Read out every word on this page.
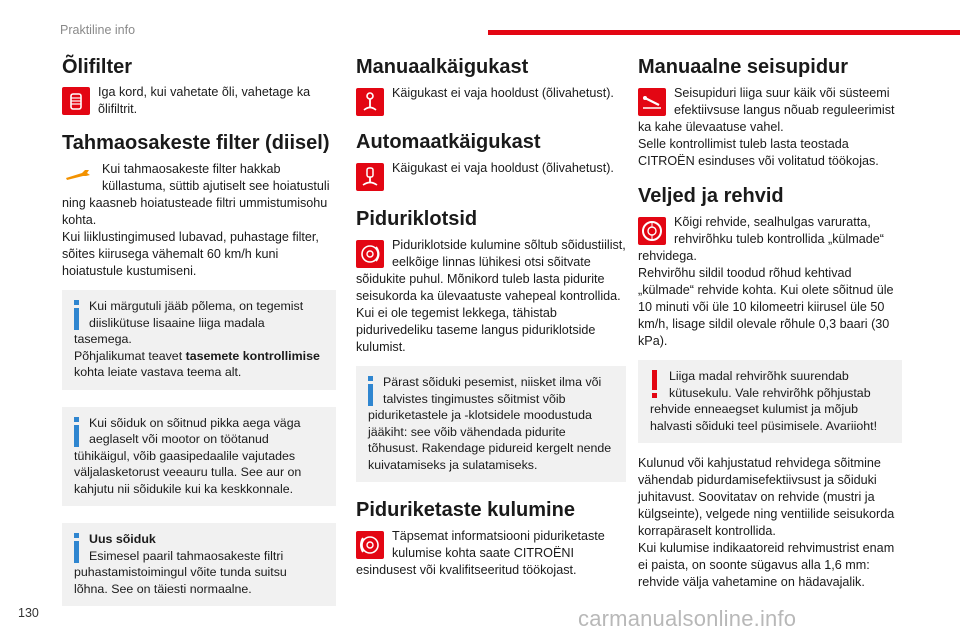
Praktiline info
Õlifilter

Iga kord, kui vahetate õli, vahetage ka õlifiltrit.

Tahmaosakeste filter (diisel)

Kui tahmaosakeste filter hakkab küllastuma, süttib ajutiselt see hoiatustuli ning kaasneb hoiatusteade filtri ummistumisohu kohta.

Kui liiklustingimused lubavad, puhastage filter, sõites kiirusega vähemalt 60 km/h kuni hoiatustule kustumiseni.

Kui märgutuli jääb põlema, on tegemist diislikütuse lisaaine liiga madala tasemega.

Põhjalikumat teavet tasemete kontrollimise kohta leiate vastava teema alt.

Kui sõiduk on sõitnud pikka aega väga aeglaselt või mootor on töötanud tühikäigul, võib gaasipedaalile vajutades väljalasketorust veeauru tulla. See aur on kahjutu nii sõidukile kui ka keskkonnale.

Uus sõiduk

Esimesel paaril tahmaosakeste filtri puhastamistoimingul võite tunda suitsu lõhna. See on täiesti normaalne.

Manuaalkäigukast

Käigukast ei vaja hooldust (õlivahetust).

Automaatkäigukast

Käigukast ei vaja hooldust (õlivahetust).

Piduriklotsid

Piduriklotside kulumine sõltub sõidustiilist, eelkõige linnas lühikesi otsi sõitvate sõidukite puhul. Mõnikord tuleb lasta pidurite seisukorda ka ülevaatuste vahepeal kontrollida.

Kui ei ole tegemist lekkega, tähistab pidurivedeliku taseme langus piduriklotside kulumist.

Pärast sõiduki pesemist, niisket ilma või talvistes tingimustes sõitmist võib piduriketastele ja -klotsidele moodustuda jääkiht: see võib vähendada pidurite tõhusust. Rakendage pidureid kergelt nende kuivatamiseks ja sulatamiseks.

Piduriketaste kulumine

Täpsemat informatsiooni piduriketaste kulumise kohta saate CITROËNI esindusest või kvalifitseeritud töökojast.

Manuaalne seisupidur

Seisupiduri liiga suur käik või süsteemi efektiivsuse langus nõuab reguleerimist ka kahe ülevaatuse vahel.

Selle kontrollimist tuleb lasta teostada CITROËN esinduses või volitatud töökojas.

Veljed ja rehvid

Kõigi rehvide, sealhulgas varuratta, rehvirõhku tuleb kontrollida „külmade“ rehvidega.

Rehvirõhu sildil toodud rõhud kehtivad „külmade“ rehvide kohta. Kui olete sõitnud üle 10 minuti või üle 10 kilomeetri kiirusel üle 50 km/h, lisage sildil olevale rõhule 0,3 baari (30 kPa).

Liiga madal rehvirõhk suurendab kütusekulu. Vale rehvirõhk põhjustab rehvide enneaegset kulumist ja mõjub halvasti sõiduki teel püsimisele. Avariioht!

Kulunud või kahjustatud rehvidega sõitmine vähendab pidurdamisefektiivsust ja sõiduki juhitavust. Soovitatav on rehvide (mustri ja külgseinte), velgede ning ventiilide seisukorda korrapäraselt kontrollida.

Kui kulumise indikaatoreid rehvimustrist enam ei paista, on soonte sügavus alla 1,6 mm: rehvide välja vahetamine on hädavajalik.

130	carmanualsonline.info
